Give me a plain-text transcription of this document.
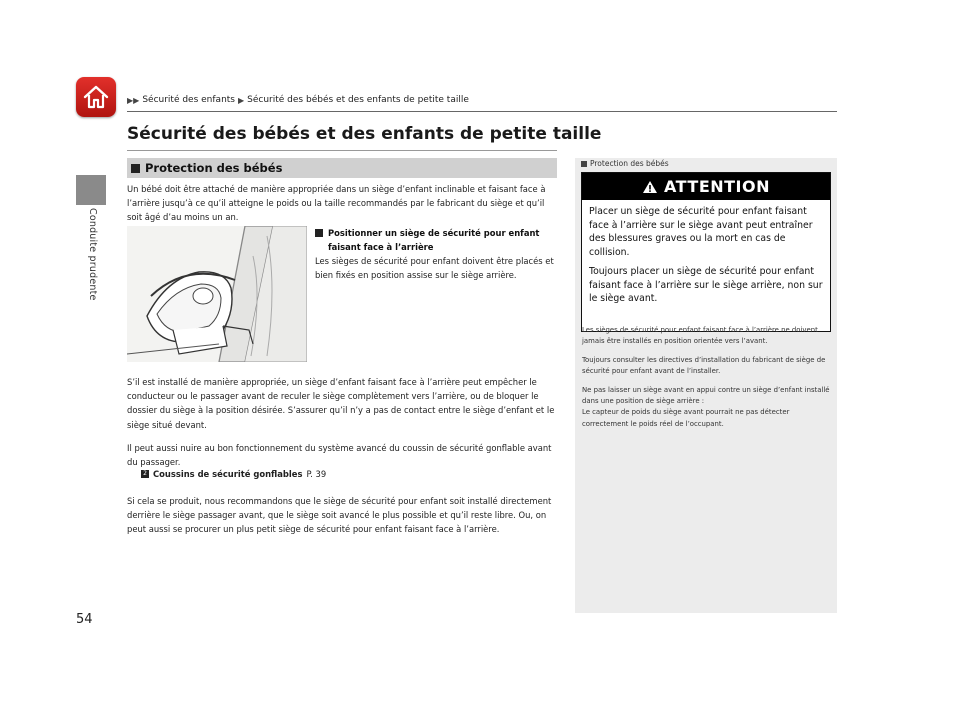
▶▶ Sécurité des enfants ▶ Sécurité des bébés et des enfants de petite taille
Conduite prudente
Sécurité des bébés et des enfants de petite taille
Protection des bébés
Un bébé doit être attaché de manière appropriée dans un siège d’enfant inclinable et faisant face à l’arrière jusqu’à ce qu’il atteigne le poids ou la taille recommandés par le fabricant du siège et qu’il soit âgé d’au moins un an.
Positionner un siège de sécurité pour enfant faisant face à l’arrière
Les sièges de sécurité pour enfant doivent être placés et bien fixés en position assise sur le siège arrière.
S’il est installé de manière appropriée, un siège d’enfant faisant face à l’arrière peut empêcher le conducteur ou le passager avant de reculer le siège complètement vers l’arrière, ou de bloquer le dossier du siège à la position désirée. S’assurer qu’il n’y a pas de contact entre le siège d’enfant et le siège situé devant.
Il peut aussi nuire au bon fonctionnement du système avancé du coussin de sécurité gonflable avant du passager.
2 Coussins de sécurité gonflables P. 39
Si cela se produit, nous recommandons que le siège de sécurité pour enfant soit installé directement derrière le siège passager avant, que le siège soit avancé le plus possible et qu’il reste libre. Ou, on peut aussi se procurer un plus petit siège de sécurité pour enfant faisant face à l’arrière.
Protection des bébés
ATTENTION

Placer un siège de sécurité pour enfant faisant face à l’arrière sur le siège avant peut entraîner des blessures graves ou la mort en cas de collision.

Toujours placer un siège de sécurité pour enfant faisant face à l’arrière sur le siège arrière, non sur le siège avant.

Les sièges de sécurité pour enfant faisant face à l’arrière ne doivent jamais être installés en position orientée vers l’avant.

Toujours consulter les directives d’installation du fabricant de siège de sécurité pour enfant avant de l’installer.

Ne pas laisser un siège avant en appui contre un siège d’enfant installé dans une position de siège arrière :
Le capteur de poids du siège avant pourrait ne pas détecter correctement le poids réel de l’occupant.

54
